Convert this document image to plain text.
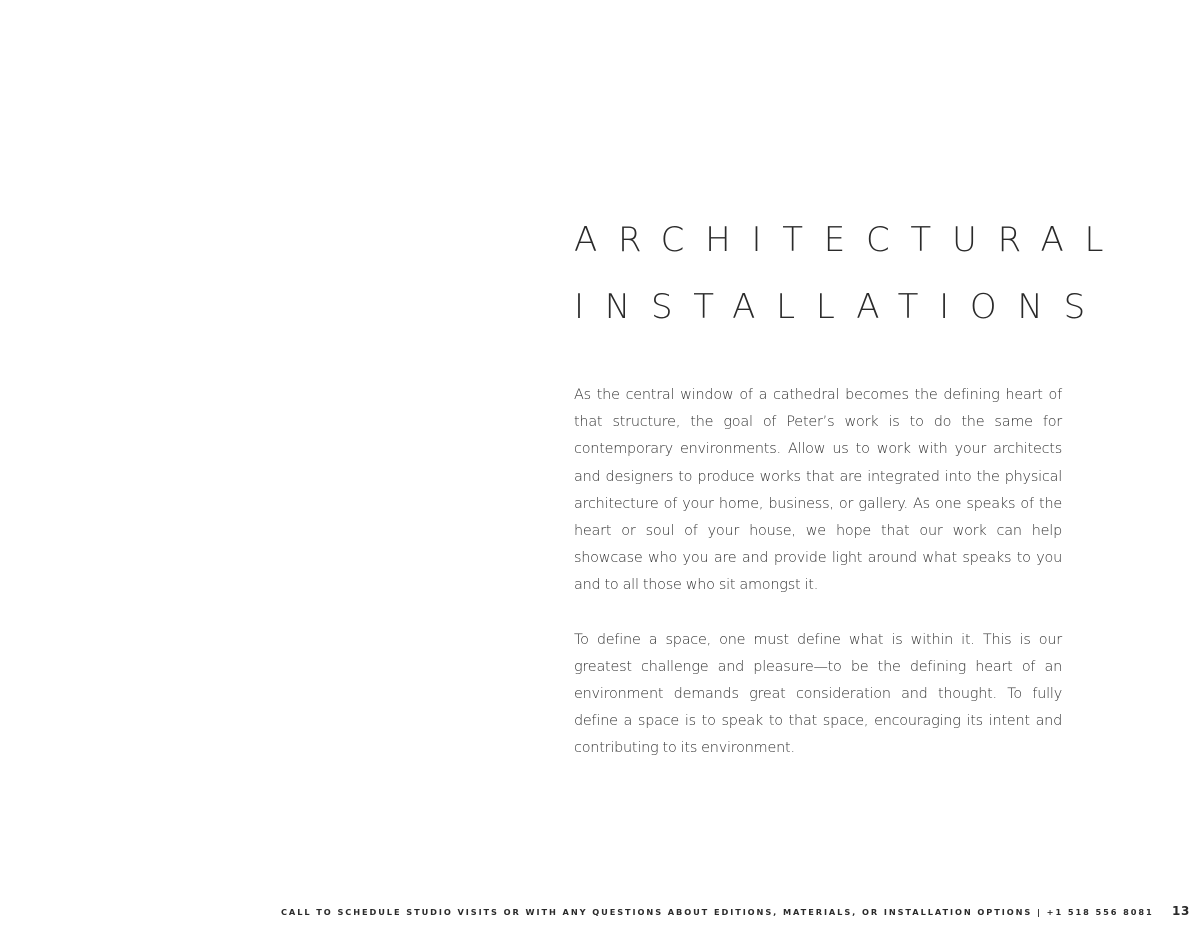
ARCHITECTURAL
INSTALLATIONS

As the central window of a cathedral becomes the defining heart of that structure, the goal of Peter’s work is to do the same for contemporary environments. Allow us to work with your architects and designers to produce works that are integrated into the physical architecture of your home, business, or gallery. As one speaks of the heart or soul of your house, we hope that our work can help showcase who you are and provide light around what speaks to you and to all those who sit amongst it.

To define a space, one must define what is within it. This is our greatest challenge and pleasure—to be the defining heart of an environment demands great consideration and thought. To fully define a space is to speak to that space, encouraging its intent and contributing to its environment.

CALL TO SCHEDULE STUDIO VISITS OR WITH ANY QUESTIONS ABOUT EDITIONS, MATERIALS, OR INSTALLATION OPTIONS | +1 518 556 8081 13
